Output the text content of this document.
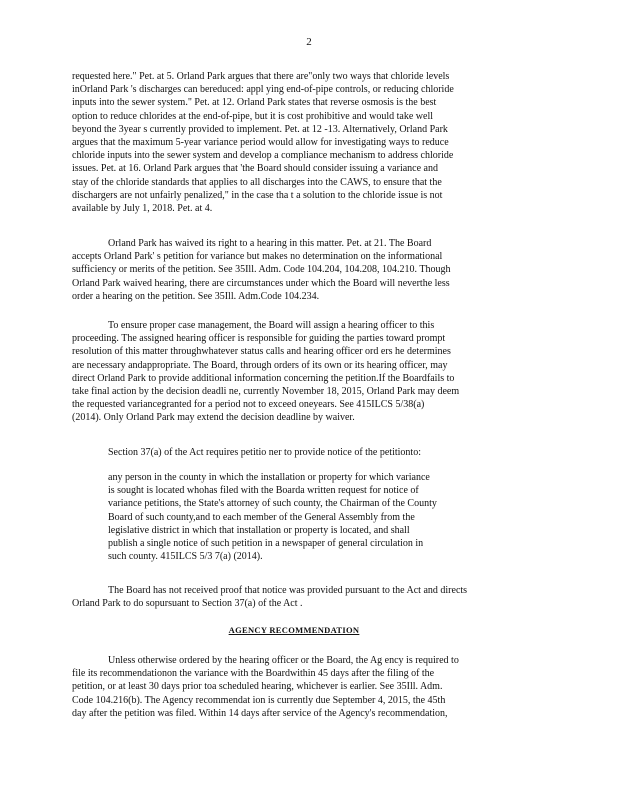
2
requested here." Pet. at 5. Orland Park argues that there are"only two ways that chloride levels
inOrland Park 's discharges can bereduced: appl ying end-of-pipe controls, or reducing chloride
inputs into the sewer system." Pet. at 12. Orland Park states that reverse osmosis is the best
option to reduce chlorides at the end-of-pipe, but it is cost prohibitive and would take well
beyond the 3year s currently provided to implement. Pet. at 12 -13. Alternatively, Orland Park
argues that the maximum 5-year variance period would allow for investigating ways to reduce
chloride inputs into the sewer system and develop a compliance mechanism to address chloride
issues. Pet. at 16. Orland Park argues that 'the Board should consider issuing a variance and
stay of the chloride standards that applies to all discharges into the CAWS, to ensure that the
dischargers are not unfairly penalized," in the case tha t a solution to the chloride issue is not
available by July 1, 2018. Pet. at 4.
Orland Park has waived its right to a hearing in this matter. Pet. at 21. The Board
accepts Orland Park' s petition for variance but makes no determination on the informational
sufficiency or merits of the petition. See 35Ill. Adm. Code 104.204, 104.208, 104.210. Though
Orland Park waived hearing, there are circumstances under which the Board will neverthe less
order a hearing on the petition. See 35Ill. Adm.Code 104.234.
To ensure proper case management, the Board will assign a hearing officer to this
proceeding. The assigned hearing officer is responsible for guiding the parties toward prompt
resolution of this matter throughwhatever status calls and hearing officer ord ers he determines
are necessary andappropriate. The Board, through orders of its own or its hearing officer, may
direct Orland Park to provide additional information concerning the petition.If the Boardfails to
take final action by the decision deadli ne, currently November 18, 2015, Orland Park may deem
the requested variancegranted for a period not to exceed oneyears. See 415ILCS 5/38(a)
(2014). Only Orland Park may extend the decision deadline by waiver.
Section 37(a) of the Act requires petitio ner to provide notice of the petitionto:
any person in the county in which the installation or property for which variance
is sought is located whohas filed with the Boarda written request for notice of
variance petitions, the State's attorney of such county, the Chairman of the County
Board of such county,and to each member of the General Assembly from the
legislative district in which that installation or property is located, and shall
publish a single notice of such petition in a newspaper of general circulation in
such county. 415ILCS 5/3 7(a) (2014).
The Board has not received proof that notice was provided pursuant to the Act and directs
Orland Park to do sopursuant to Section 37(a) of the Act .
AGENCY RECOMMENDATION
Unless otherwise ordered by the hearing officer or the Board, the Ag ency is required to
file its recommendationon the variance with the Boardwithin 45 days after the filing of the
petition, or at least 30 days prior toa scheduled hearing, whichever is earlier. See 35Ill. Adm.
Code 104.216(b). The Agency recommendat ion is currently due September 4, 2015, the 45th
day after the petition was filed. Within 14 days after service of the Agency's recommendation,
